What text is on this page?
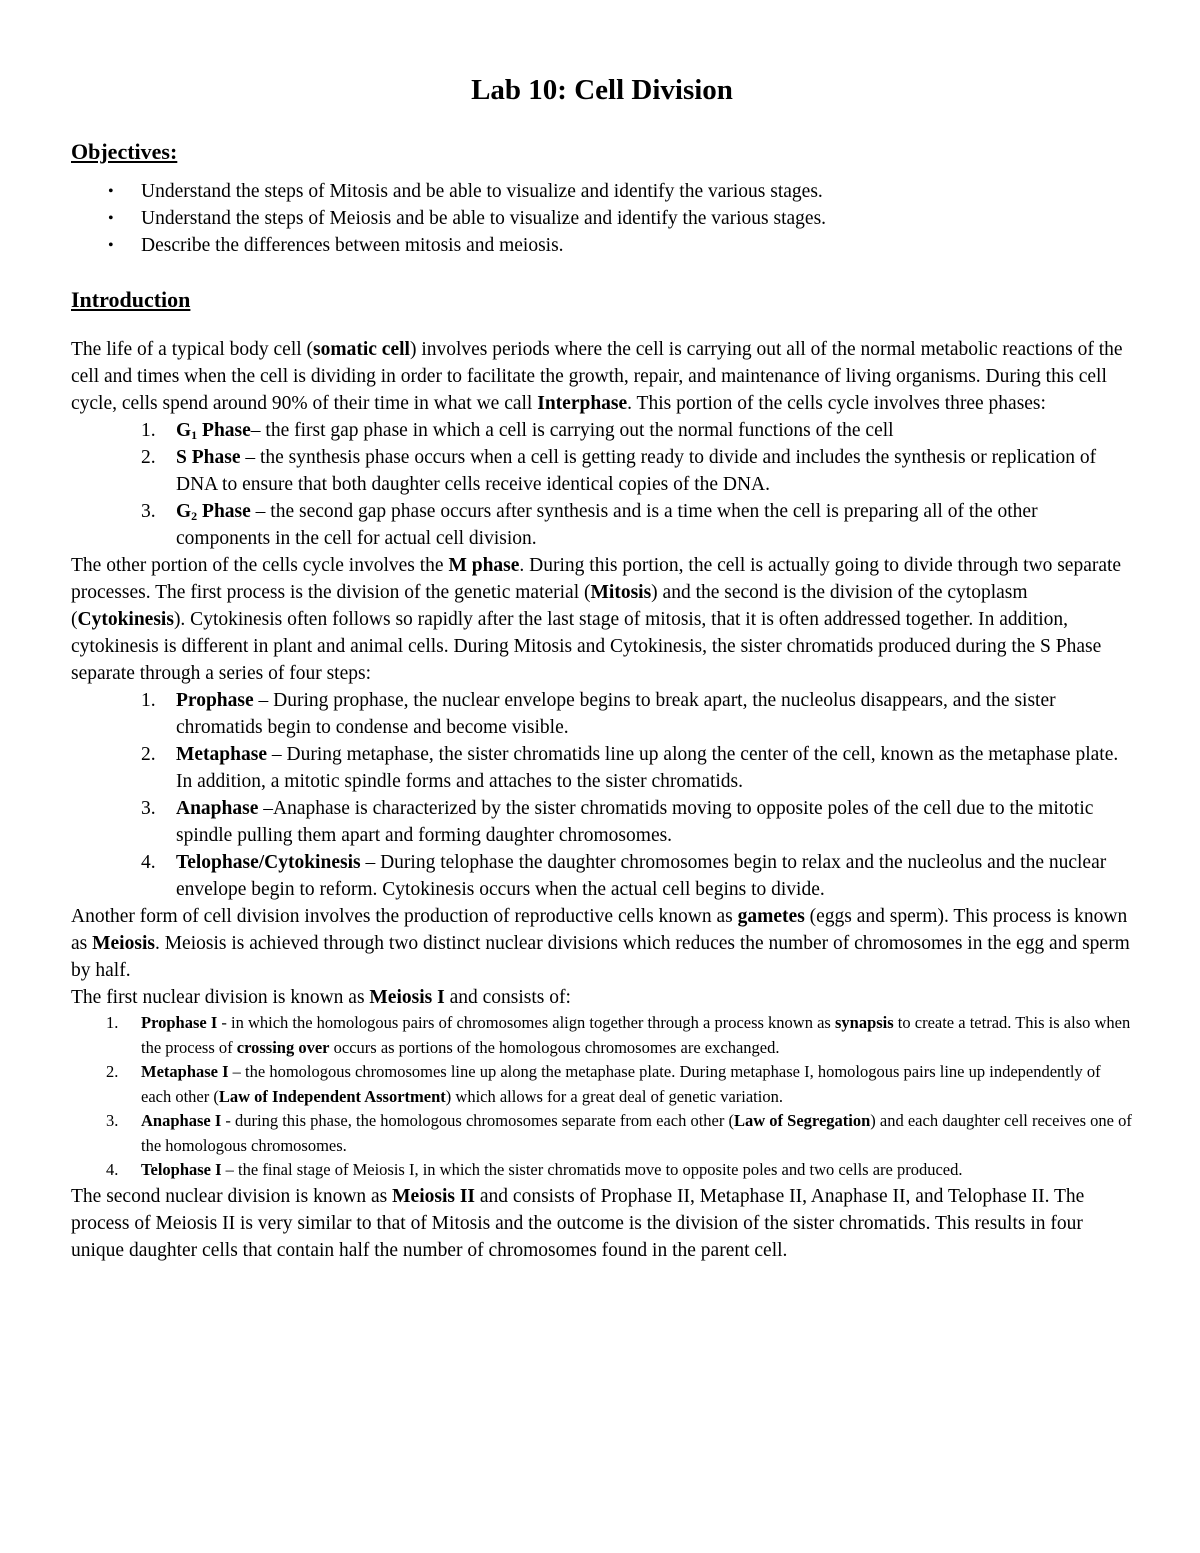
Lab 10: Cell Division
Objectives:
• Understand the steps of Mitosis and be able to visualize and identify the various stages.
• Understand the steps of Meiosis and be able to visualize and identify the various stages.
• Describe the differences between mitosis and meiosis.
Introduction

The life of a typical body cell (somatic cell) involves periods where the cell is carrying out all of the normal metabolic reactions of the cell and times when the cell is dividing in order to facilitate the growth, repair, and maintenance of living organisms. During this cell cycle, cells spend around 90% of their time in what we call Interphase. This portion of the cells cycle involves three phases:

1. $G_1$ Phase– the first gap phase in which a cell is carrying out the normal functions of the cell
2. S Phase – the synthesis phase occurs when a cell is getting ready to divide and includes the synthesis or replication of DNA to ensure that both daughter cells receive identical copies of the DNA.
3. $G_2$ Phase – the second gap phase occurs after synthesis and is a time when the cell is preparing all of the other components in the cell for actual cell division.

The other portion of the cells cycle involves the M phase. During this portion, the cell is actually going to divide through two separate processes. The first process is the division of the genetic material (Mitosis) and the second is the division of the cytoplasm (Cytokinesis). Cytokinesis often follows so rapidly after the last stage of mitosis, that it is often addressed together. In addition, cytokinesis is different in plant and animal cells. During Mitosis and Cytokinesis, the sister chromatids produced during the S Phase separate through a series of four steps:

1. Prophase – During prophase, the nuclear envelope begins to break apart, the nucleolus disappears, and the sister chromatids begin to condense and become visible.
2. Metaphase – During metaphase, the sister chromatids line up along the center of the cell, known as the metaphase plate. In addition, a mitotic spindle forms and attaches to the sister chromatids.
3. Anaphase –Anaphase is characterized by the sister chromatids moving to opposite poles of the cell due to the mitotic spindle pulling them apart and forming daughter chromosomes.
4. Telophase/Cytokinesis – During telophase the daughter chromosomes begin to relax and the nucleolus and the nuclear envelope begin to reform. Cytokinesis occurs when the actual cell begins to divide.

Another form of cell division involves the production of reproductive cells known as gametes (eggs and sperm). This process is known as Meiosis. Meiosis is achieved through two distinct nuclear divisions which reduces the number of chromosomes in the egg and sperm by half.

The first nuclear division is known as Meiosis I and consists of:

1. Prophase I - in which the homologous pairs of chromosomes align together through a process known as synapsis to create a tetrad. This is also when the process of crossing over occurs as portions of the homologous chromosomes are exchanged.
2. Metaphase I – the homologous chromosomes line up along the metaphase plate. During metaphase I, homologous pairs line up independently of each other (Law of Independent Assortment) which allows for a great deal of genetic variation.
3. Anaphase I - during this phase, the homologous chromosomes separate from each other (Law of Segregation) and each daughter cell receives one of the homologous chromosomes.
4. Telophase I – the final stage of Meiosis I, in which the sister chromatids move to opposite poles and two cells are produced.

The second nuclear division is known as Meiosis II and consists of Prophase II, Metaphase II, Anaphase II, and Telophase II. The process of Meiosis II is very similar to that of Mitosis and the outcome is the division of the sister chromatids. This results in four unique daughter cells that contain half the number of chromosomes found in the parent cell.
